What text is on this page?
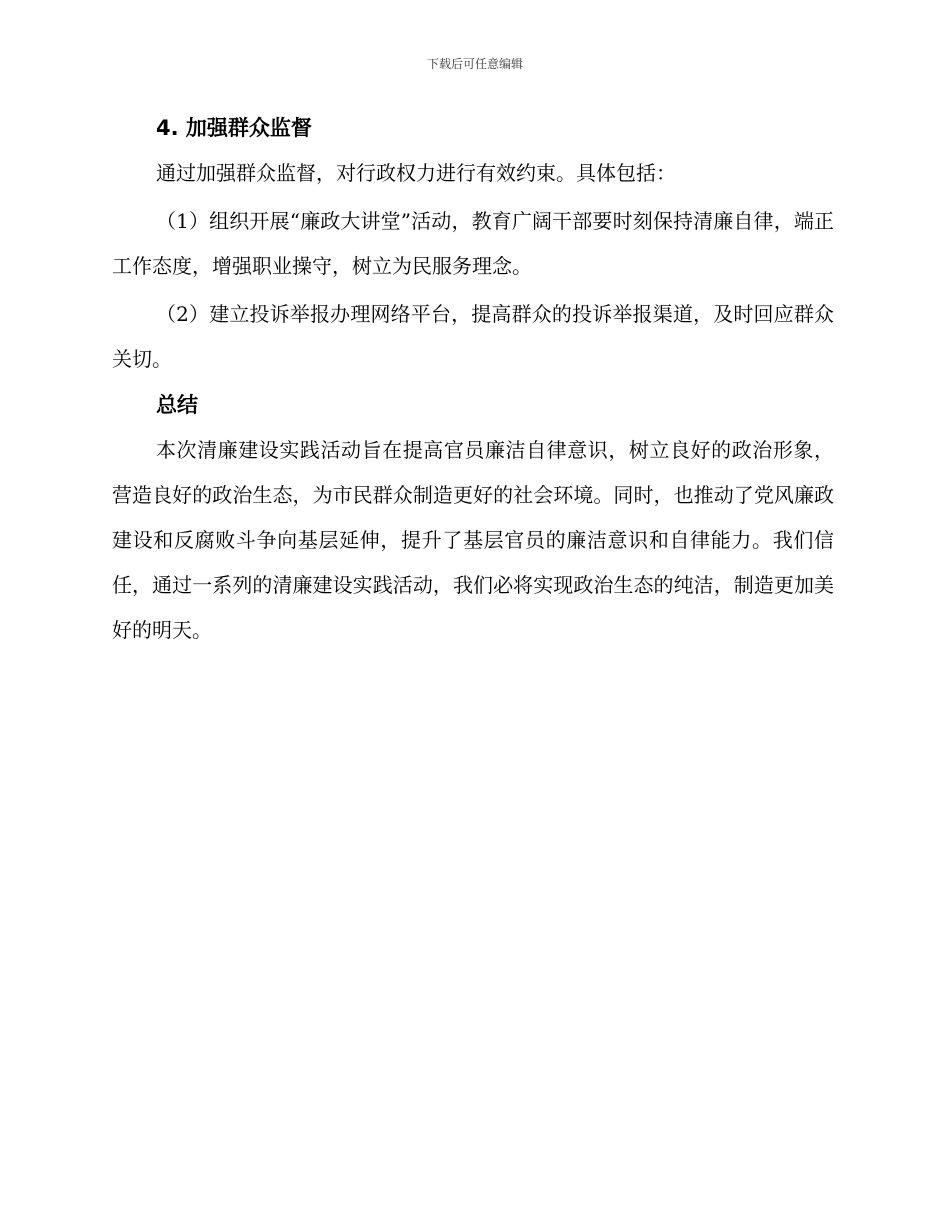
下载后可任意编辑
4. 加强群众监督

通过加强群众监督，对行政权力进行有效约束。具体包括：

（1）组织开展“廉政大讲堂”活动，教育广阔干部要时刻保持清廉自律，端正工作态度，增强职业操守，树立为民服务理念。

（2）建立投诉举报办理网络平台，提高群众的投诉举报渠道，及时回应群众关切。

总结

本次清廉建设实践活动旨在提高官员廉洁自律意识，树立良好的政治形象，营造良好的政治生态，为市民群众制造更好的社会环境。同时，也推动了党风廉政建设和反腐败斗争向基层延伸，提升了基层官员的廉洁意识和自律能力。我们信任，通过一系列的清廉建设实践活动，我们必将实现政治生态的纯洁，制造更加美好的明天。
